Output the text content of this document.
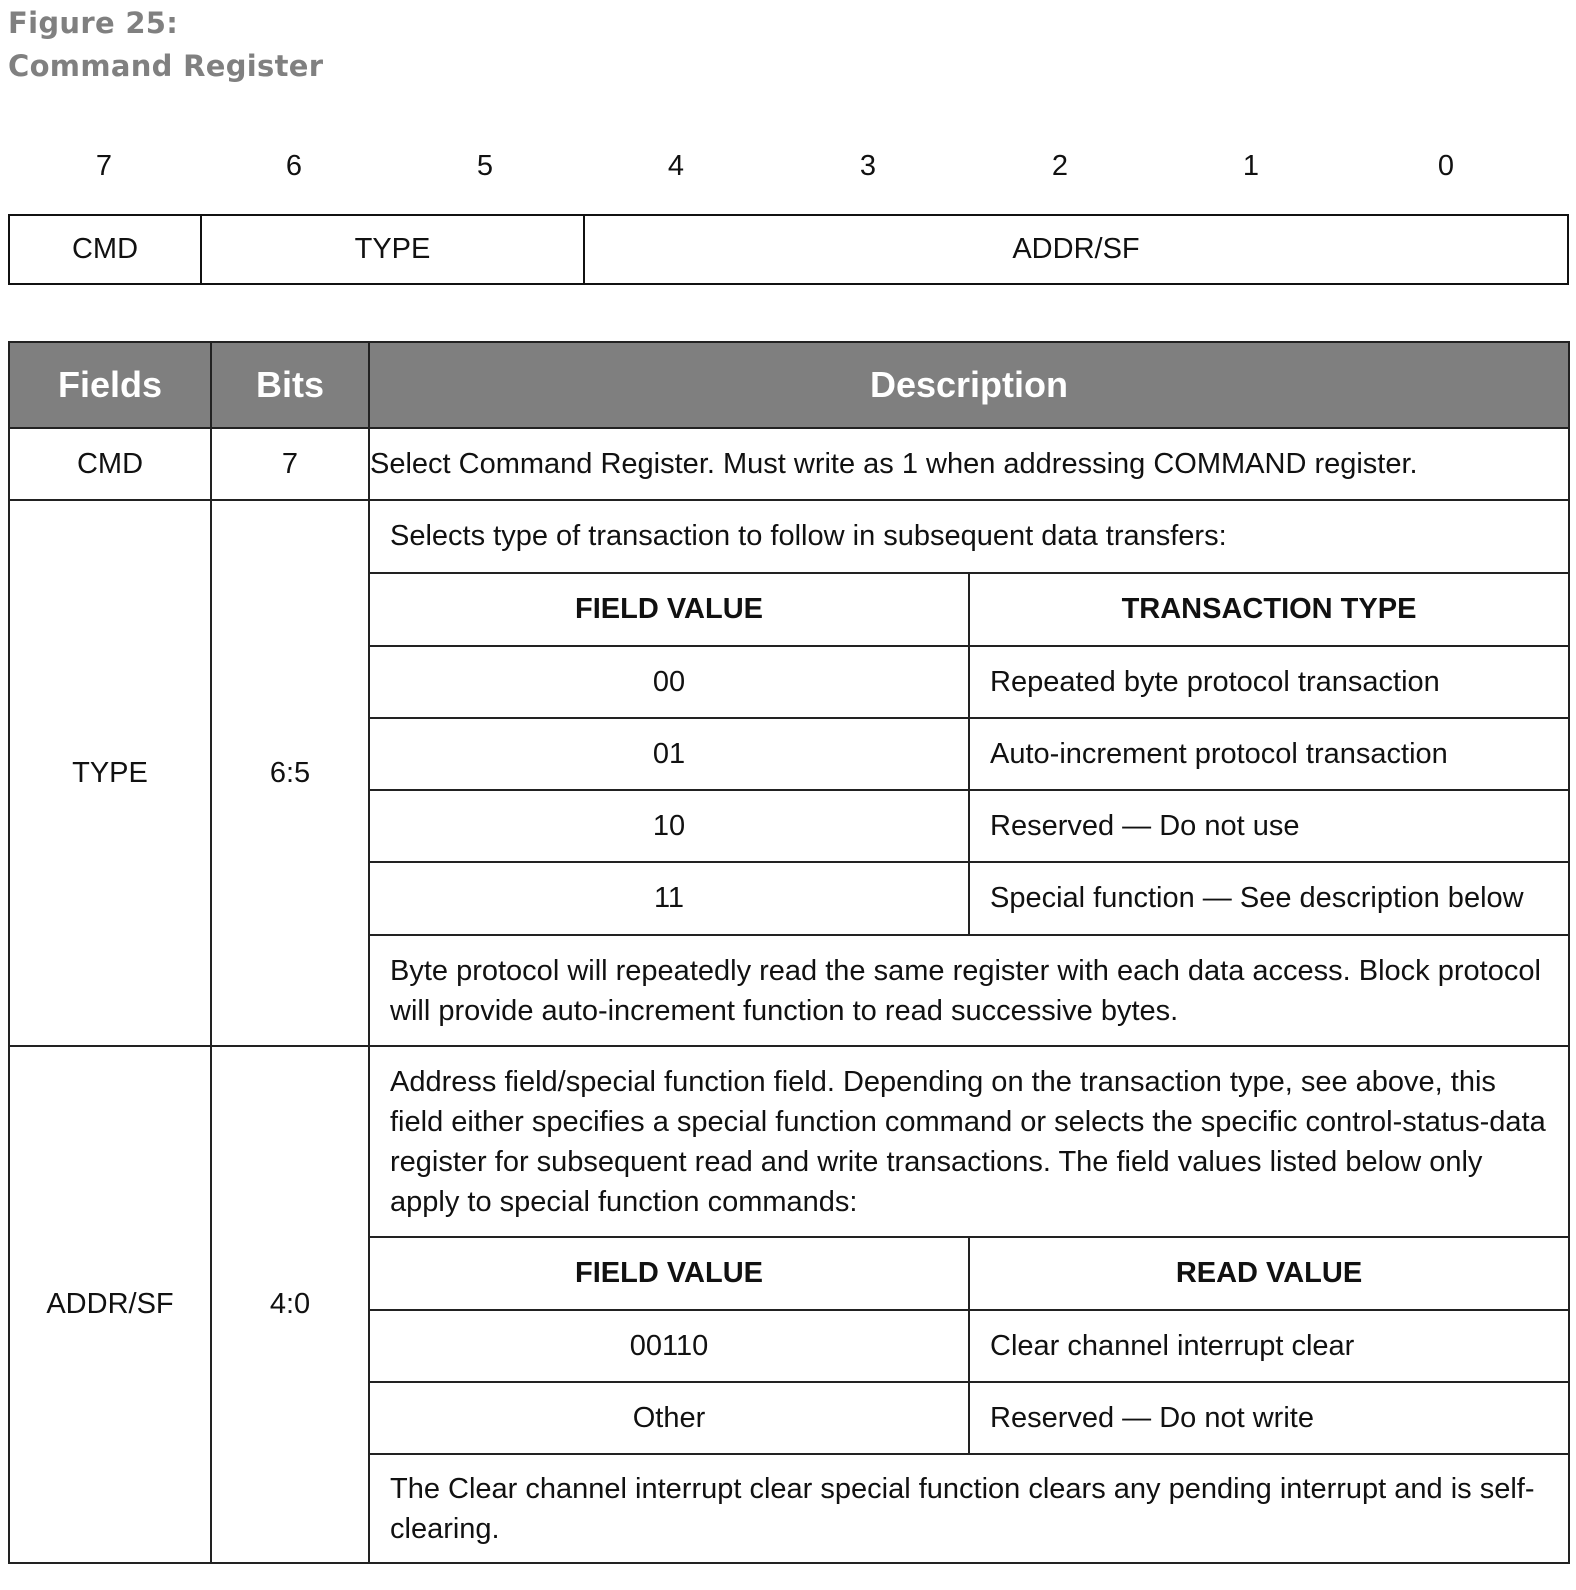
Figure 25:
Command Register
7	6	5	4	3	2	1	0
CMD	TYPE	ADDR/SF
Fields	Bits	Description
CMD	7	Select Command Register. Must write as 1 when addressing COMMAND register.
TYPE	6:5	
Selects type of transaction to follow in subsequent data transfers:
FIELD VALUE	TRANSACTION TYPE
00	Repeated byte protocol transaction
01	Auto-increment protocol transaction
10	Reserved — Do not use
11	Special function — See description below
Byte protocol will repeatedly read the same register with each data access. Block protocol will provide auto-increment function to read successive bytes.

ADDR/SF	4:0	
Address field/special function field. Depending on the transaction type, see above, this field either specifies a special function command or selects the specific control-status-data register for subsequent read and write transactions. The field values listed below only apply to special function commands:
FIELD VALUE	READ VALUE
00110	Clear channel interrupt clear
Other	Reserved — Do not write
The Clear channel interrupt clear special function clears any pending interrupt and is self-clearing.
